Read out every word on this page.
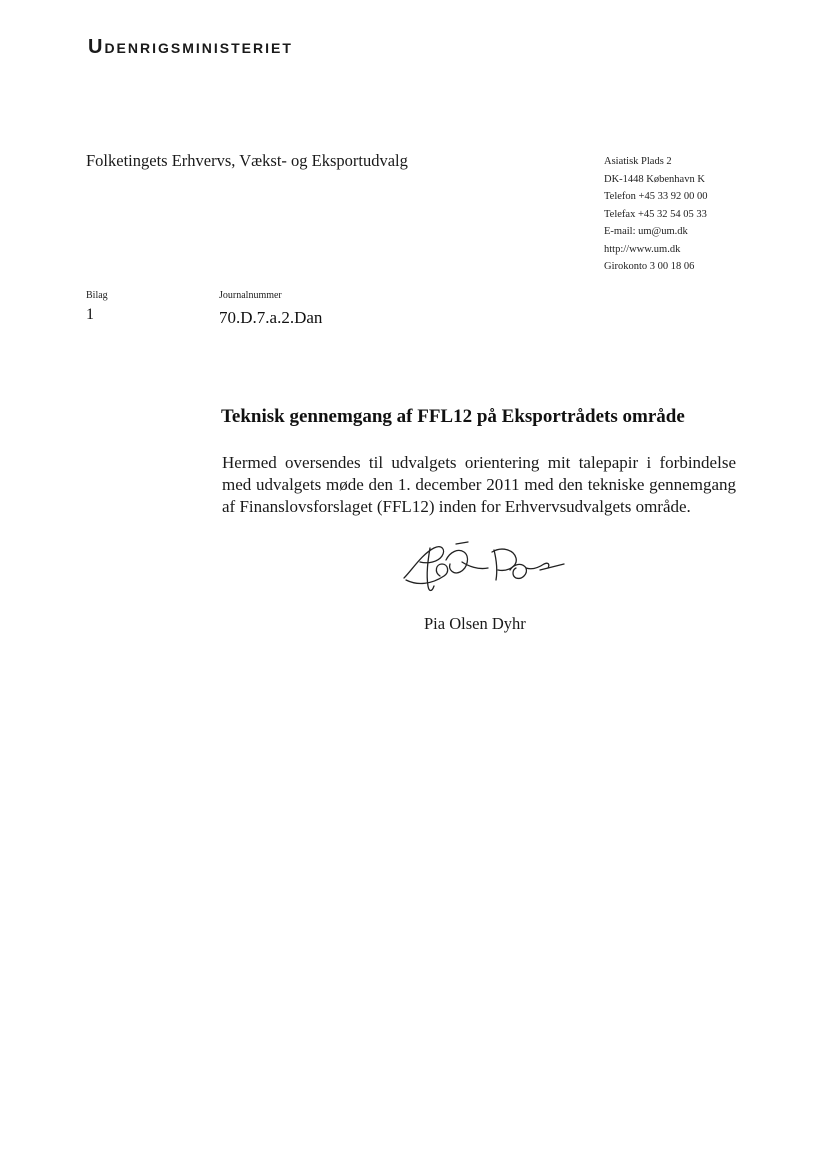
Udenrigsministeriet
Folketingets Erhvervs, Vækst- og Eksportudvalg	Asiatisk Plads 2
DK-1448 København K
Telefon +45 33 92 00 00
Telefax +45 32 54 05 33
E-mail: um@um.dk
http://www.um.dk
Girokonto 3 00 18 06
Bilag	Journalnummer
1	70.D.7.a.2.Dan
Teknisk gennemgang af FFL12 på Eksportrådets område
Hermed oversendes til udvalgets orientering mit talepapir i forbindelse med udvalgets møde den 1. december 2011 med den tekniske gennemgang af Finanslovsforslaget (FFL12) inden for Erhvervsudvalgets område.
Pia Olsen Dyhr
